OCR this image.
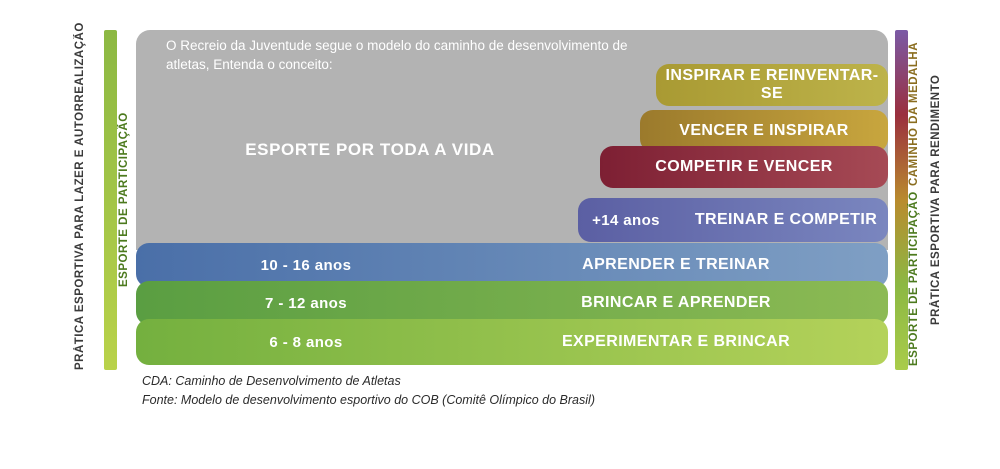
PRÁTICA ESPORTIVA PARA LAZER E AUTORREALIZAÇÃO	ESPORTE DE PARTICIPAÇÃO
O Recreio da Juventude segue o modelo do caminho de desenvolvimento de atletas, Entenda o conceito:
ESPORTE POR TODA A VIDA
INSPIRAR E REINVENTAR-SE
VENCER E INSPIRAR
COMPETIR E VENCER
+14 anos	TREINAR E COMPETIR
10 - 16 anos	APRENDER E TREINAR
7 - 12 anos	BRINCAR E APRENDER
6 - 8 anos	EXPERIMENTAR E BRINCAR
CAMINHO DA MEDALHA
ESPORTE DE PARTICIPAÇÃO PRÁTICA ESPORTIVA PARA RENDIMENTO
CDA: Caminho de Desenvolvimento de Atletas
Fonte: Modelo de desenvolvimento esportivo do COB (Comitê Olímpico do Brasil)
